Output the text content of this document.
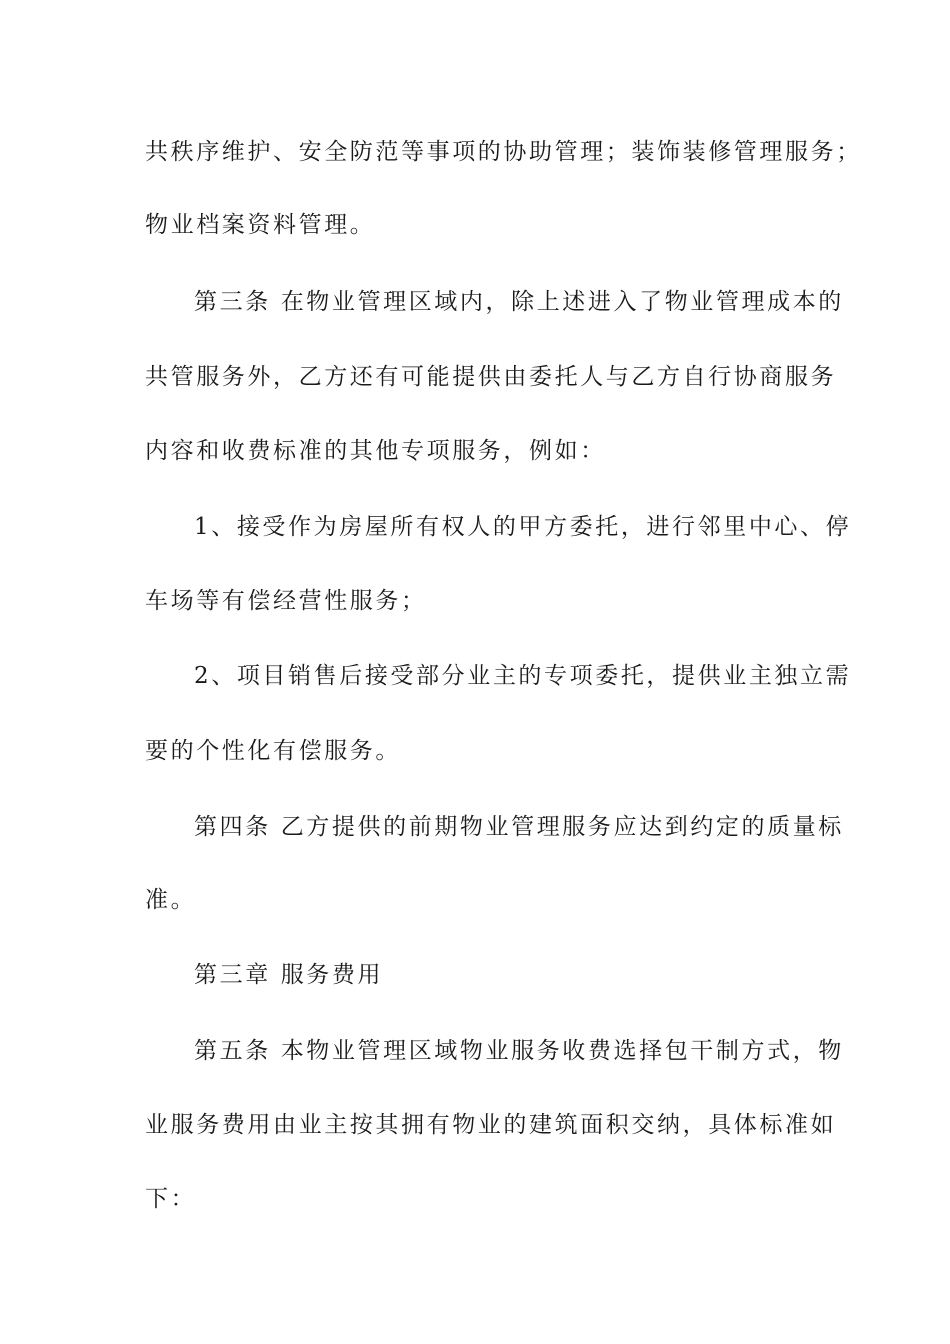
共秩序维护、安全防范等事项的协助管理；装饰装修管理服务；
物业档案资料管理。
第三条 在物业管理区域内，除上述进入了物业管理成本的
共管服务外，乙方还有可能提供由委托人与乙方自行协商服务
内容和收费标准的其他专项服务，例如：
1、接受作为房屋所有权人的甲方委托，进行邻里中心、停
车场等有偿经营性服务；
2、项目销售后接受部分业主的专项委托，提供业主独立需
要的个性化有偿服务。
第四条 乙方提供的前期物业管理服务应达到约定的质量标
准。
第三章 服务费用
第五条 本物业管理区域物业服务收费选择包干制方式，物
业服务费用由业主按其拥有物业的建筑面积交纳，具体标准如
下：
